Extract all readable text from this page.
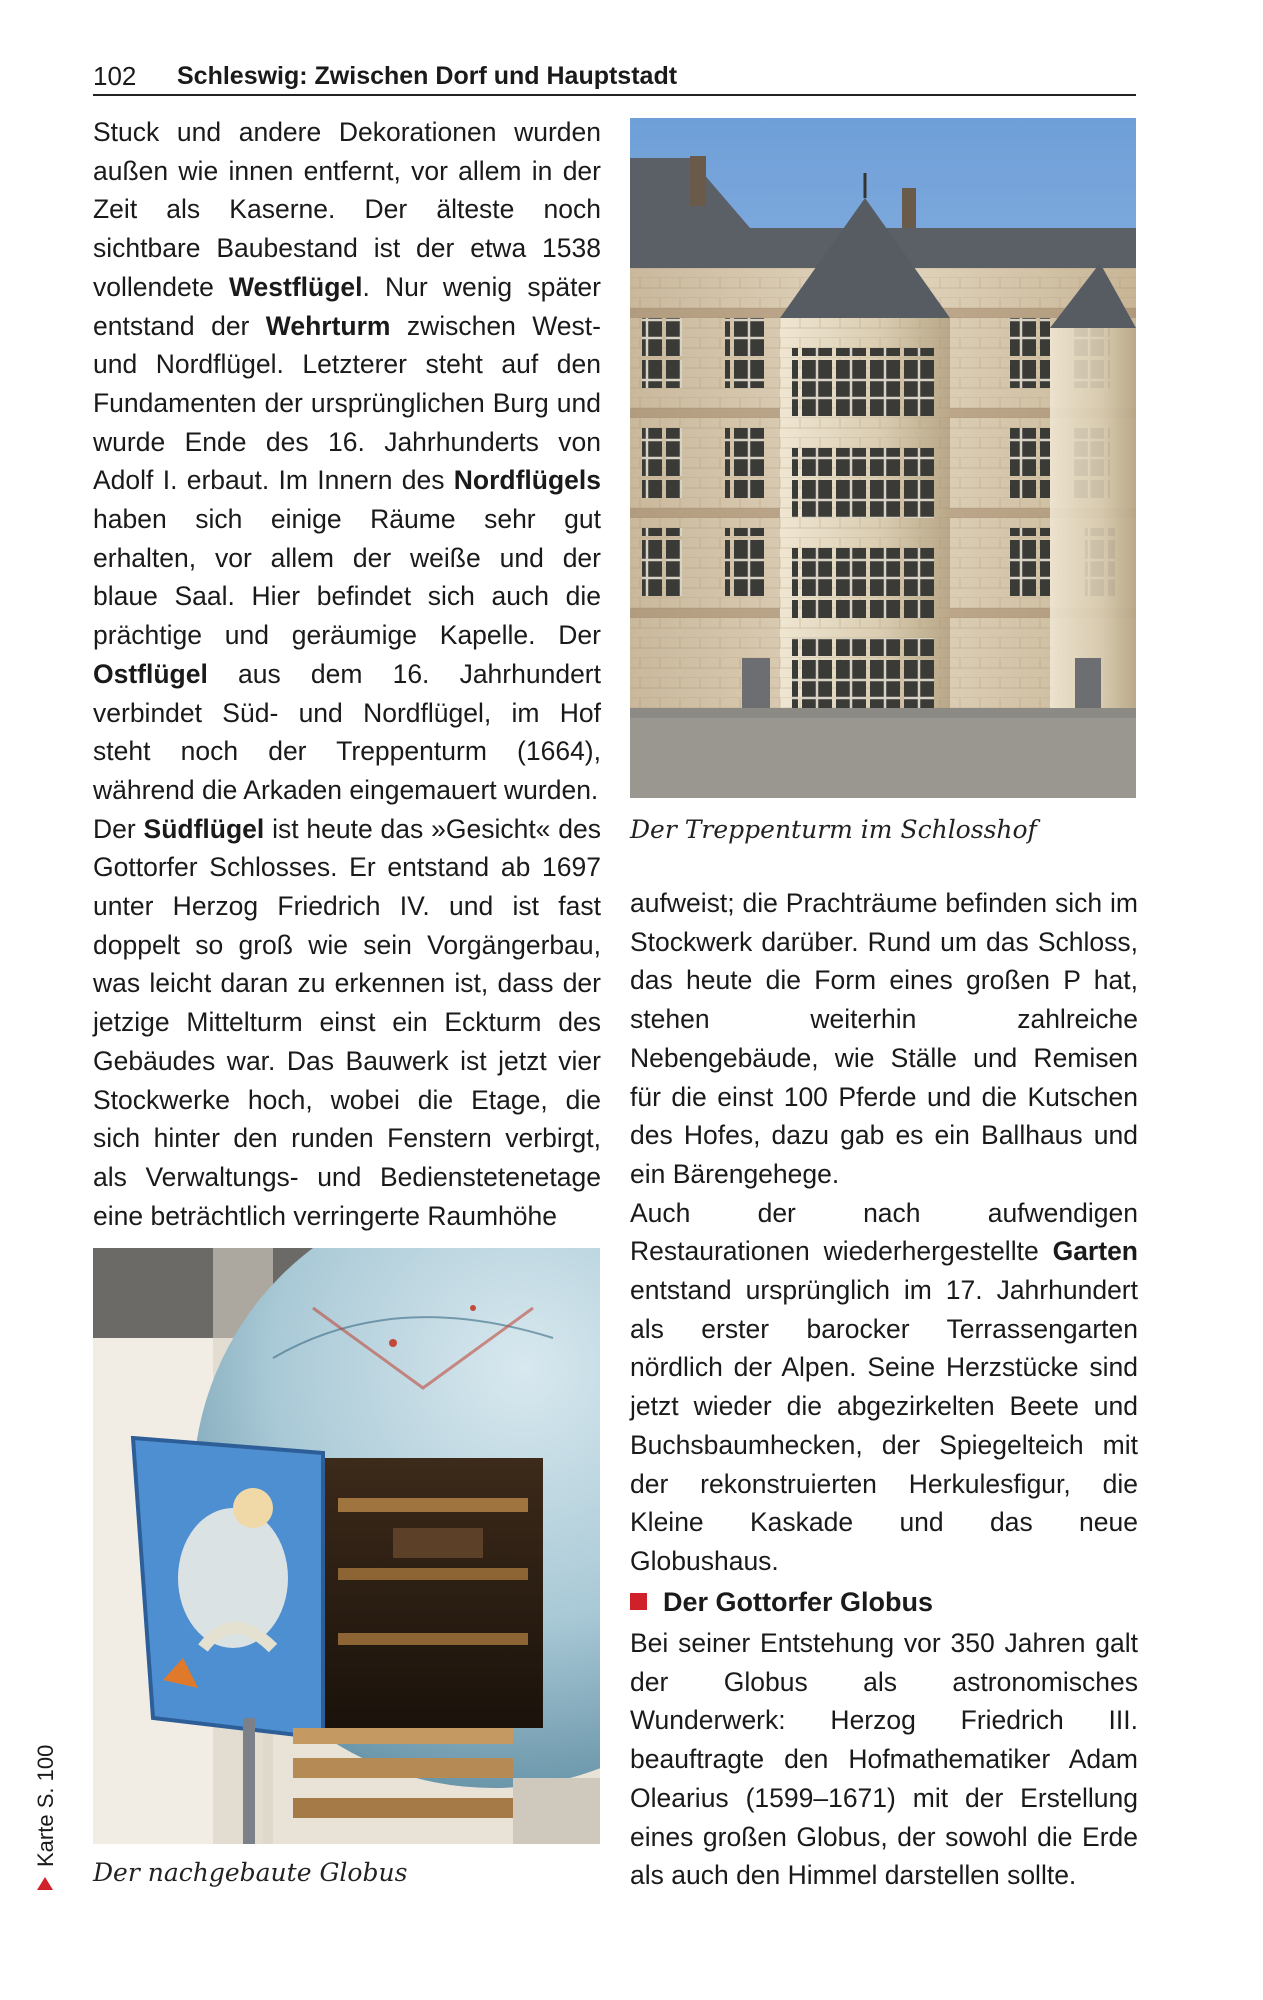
102 Schleswig: Zwischen Dorf und Hauptstadt

Stuck und andere Dekorationen wurden außen wie innen entfernt, vor allem in der Zeit als Kaserne. Der älteste noch sichtbare Baubestand ist der etwa 1538 vollendete Westflügel. Nur wenig später entstand der Wehrturm zwischen West- und Nordflügel. Letzterer steht auf den Fundamenten der ursprünglichen Burg und wurde Ende des 16. Jahrhunderts von Adolf I. erbaut. Im Innern des Nordflügels haben sich einige Räume sehr gut erhalten, vor allem der weiße und der blaue Saal. Hier befindet sich auch die prächtige und geräumige Kapelle. Der Ostflügel aus dem 16. Jahrhundert verbindet Süd- und Nordflügel, im Hof steht noch der Treppenturm (1664), während die Arkaden eingemauert wurden.

Der Südflügel ist heute das »Gesicht« des Gottorfer Schlosses. Er entstand ab 1697 unter Herzog Friedrich IV. und ist fast doppelt so groß wie sein Vorgängerbau, was leicht daran zu erkennen ist, dass der jetzige Mittelturm einst ein Eckturm des Gebäudes war. Das Bauwerk ist jetzt vier Stockwerke hoch, wobei die Etage, die sich hinter den runden Fenstern verbirgt, als Verwaltungs- und Bedienstetenetage eine beträchtlich verringerte Raumhöhe

Der Treppenturm im Schlosshof

aufweist; die Prachträume befinden sich im Stockwerk darüber. Rund um das Schloss, das heute die Form eines großen P hat, stehen weiterhin zahlreiche Nebengebäude, wie Ställe und Remisen für die einst 100 Pferde und die Kutschen des Hofes, dazu gab es ein Ballhaus und ein Bärengehege.

Auch der nach aufwendigen Restaurationen wiederhergestellte Garten entstand ursprünglich im 17. Jahrhundert als erster barocker Terrassengarten nördlich der Alpen. Seine Herzstücke sind jetzt wieder die abgezirkelten Beete und Buchsbaumhecken, der Spiegelteich mit der rekonstruierten Herkulesfigur, die Kleine Kaskade und das neue Globushaus.

Der nachgebaute Globus
Der Gottorfer Globus

Bei seiner Entstehung vor 350 Jahren galt der Globus als astronomisches Wunderwerk: Herzog Friedrich III. beauftragte den Hofmathematiker Adam Olearius (1599–1671) mit der Erstellung eines großen Globus, der sowohl die Erde als auch den Himmel darstellen sollte.

Karte S. 100
